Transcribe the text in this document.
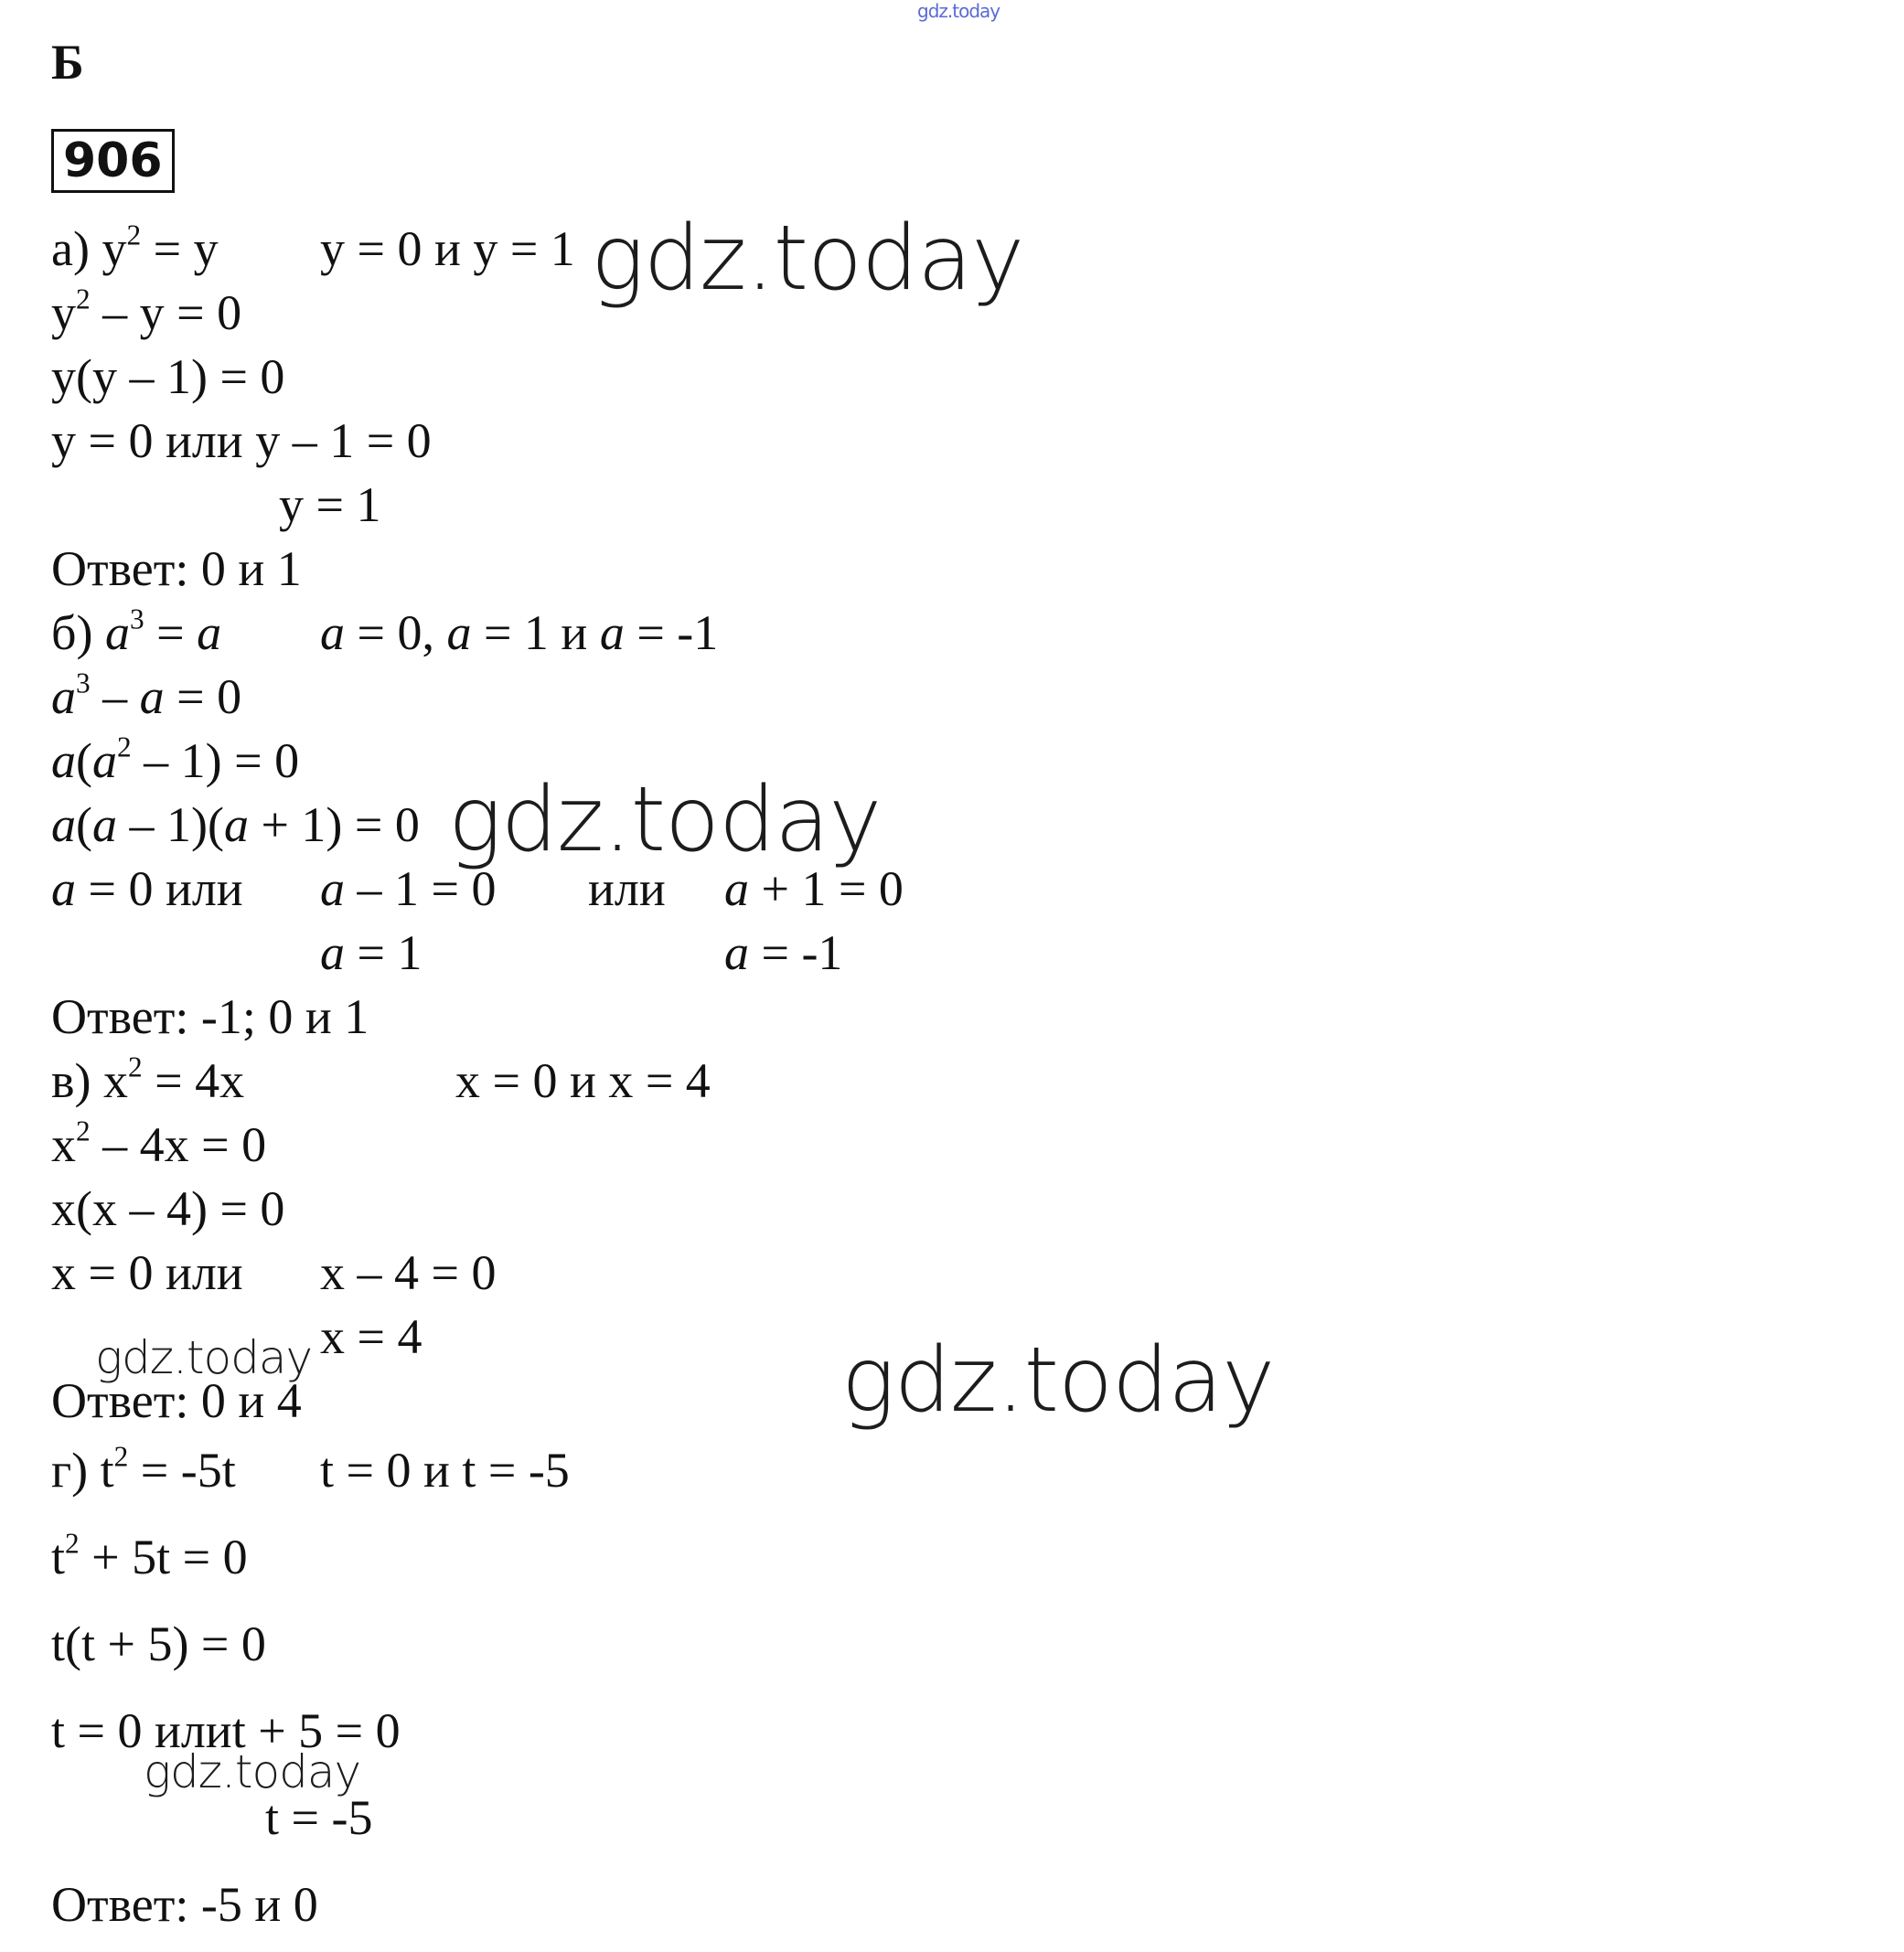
gdz.today
Б
906
а) $y^2 = y$ y = 0 и y = 1
$y^2 - y = 0$
y(y – 1) = 0
y = 0 или y – 1 = 0
y = 1
Ответ: 0 и 1
б) $a^3 = a$ a = 0, a = 1 и a = -1
$a^3 - a = 0$
$a(a^2 - 1) = 0$
a(a – 1)(a + 1) = 0
a = 0 или a – 1 = 0 или a + 1 = 0
a = 1	a = -1
Ответ: -1; 0 и 1
в) $x^2 = 4x$	x = 0 и x = 4
$x^2 - 4x = 0$
x(x – 4) = 0
x = 0 или x – 4 = 0
x = 4
Ответ: 0 и 4
г) $t^2 = -5t$ t = 0 и t = -5
$t^2 + 5t = 0$
t(t + 5) = 0
t = 0 илиt + 5 = 0
t = -5
Ответ: -5 и 0
gdz.today
gdz.today
gdz.today
gdz.today
gdz.today
